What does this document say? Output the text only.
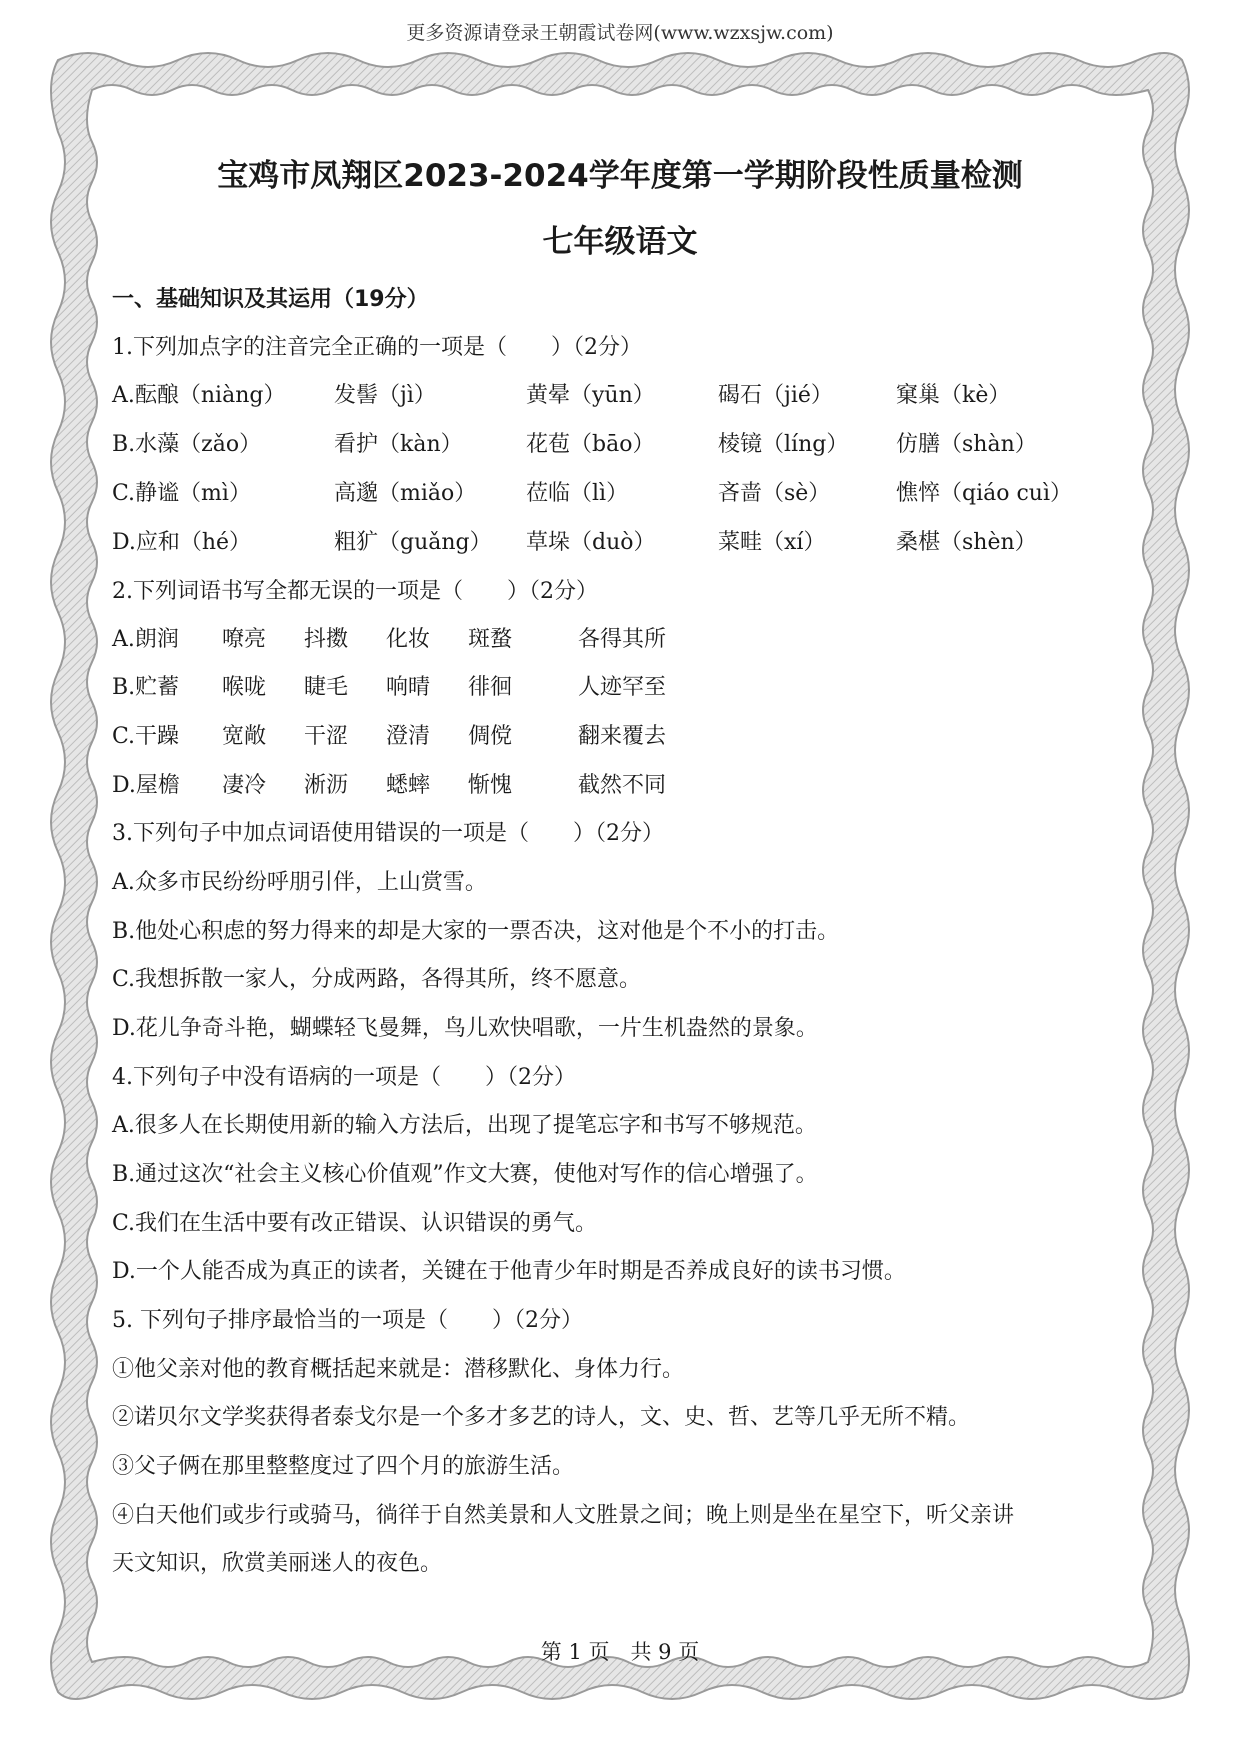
更多资源请登录王朝霞试卷网(www.wzxsjw.com)
宝鸡市凤翔区2023-2024学年度第一学期阶段性质量检测
七年级语文
一、基础知识及其运用（19分）
1.下列加点字的注音完全正确的一项是（　　）（2分）
A.酝酿（niàng） 发髻（jì）	黄晕（yūn）	碣石（jié）	窠巢（kè）
B.水藻（zǎo）	看护（kàn）	花苞（bāo）	棱镜（líng） 仿膳（shàn）
C.静谧（mì）	高邈（miǎo） 莅临（lì）	吝啬（sè）	憔悴（qiáo cuì）
D.应和（hé）	粗犷（guǎng） 草垛（duò）	菜畦（xí）	桑椹（shèn）
2.下列词语书写全都无误的一项是（　　）（2分）
A.朗润 嘹亮 抖擞 化妆 斑蝥	各得其所
B.贮蓄 喉咙 睫毛 响晴 徘徊	人迹罕至
C.干躁 宽敞 干涩 澄清 倜傥	翻来覆去
D.屋檐 凄冷 淅沥 蟋蟀 惭愧	截然不同
3.下列句子中加点词语使用错误的一项是（　　）（2分）
A.众多市民纷纷呼朋引伴，上山赏雪。
B.他处心积虑的努力得来的却是大家的一票否决，这对他是个不小的打击。
C.我想拆散一家人，分成两路，各得其所，终不愿意。
D.花儿争奇斗艳，蝴蝶轻飞曼舞，鸟儿欢快唱歌，一片生机盎然的景象。
4.下列句子中没有语病的一项是（　　）（2分）
A.很多人在长期使用新的输入方法后，出现了提笔忘字和书写不够规范。
B.通过这次“社会主义核心价值观”作文大赛，使他对写作的信心增强了。
C.我们在生活中要有改正错误、认识错误的勇气。
D.一个人能否成为真正的读者，关键在于他青少年时期是否养成良好的读书习惯。
5. 下列句子排序最恰当的一项是（　　）（2分）
①他父亲对他的教育概括起来就是：潜移默化、身体力行。
②诺贝尔文学奖获得者泰戈尔是一个多才多艺的诗人，文、史、哲、艺等几乎无所不精。
③父子俩在那里整整度过了四个月的旅游生活。
④白天他们或步行或骑马，徜徉于自然美景和人文胜景之间；晚上则是坐在星空下，听父亲讲
天文知识，欣赏美丽迷人的夜色。
第 1 页　共 9 页
